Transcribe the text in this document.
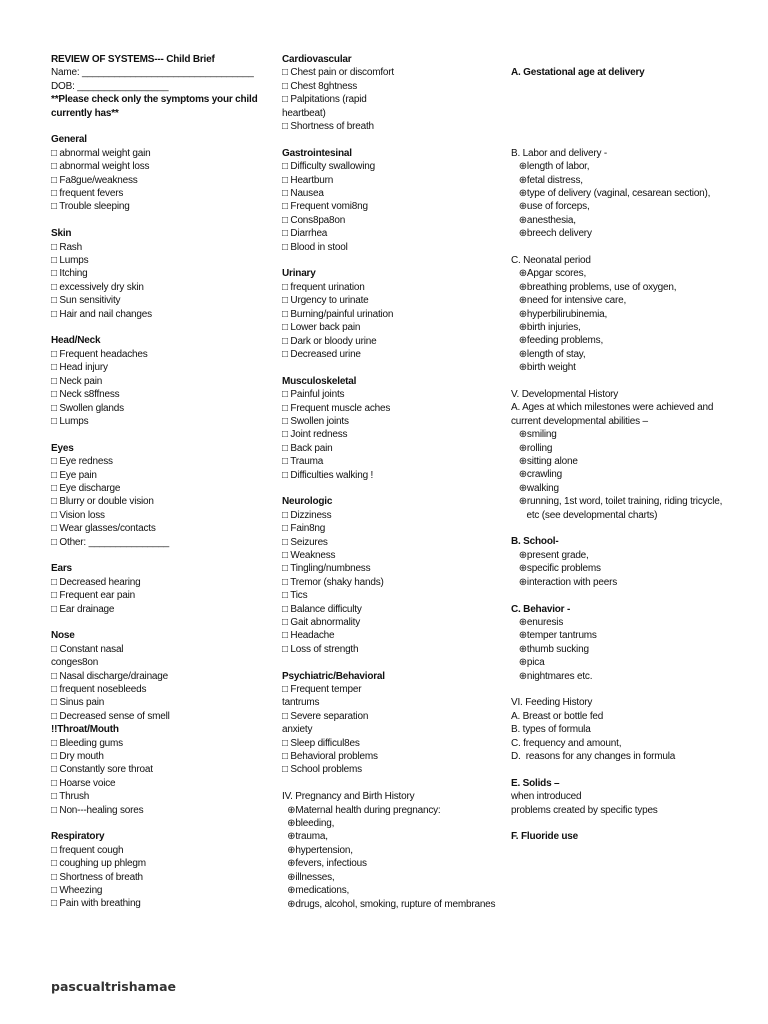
REVIEW OF SYSTEMS--- Child Brief
Name: ________________________________
DOB: _________________
**Please check only the symptoms your child
currently has**
General
□ abnormal weight gain
□ abnormal weight loss
□ Fa8gue/weakness
□ frequent fevers
□ Trouble sleeping
Skin
□ Rash
□ Lumps
□ Itching
□ excessively dry skin
□ Sun sensitivity
□ Hair and nail changes
Head/Neck
□ Frequent headaches
□ Head injury
□ Neck pain
□ Neck s8ffness
□ Swollen glands
□ Lumps
Eyes
□ Eye redness
□ Eye pain
□ Eye discharge
□ Blurry or double vision
□ Vision loss
□ Wear glasses/contacts
□ Other: _______________
Ears
□ Decreased hearing
□ Frequent ear pain
□ Ear drainage
Nose
□ Constant nasal
conges8on
□ Nasal discharge/drainage
□ frequent nosebleeds
□ Sinus pain
□ Decreased sense of smell
!!Throat/Mouth
□ Bleeding gums
□ Dry mouth
□ Constantly sore throat
□ Hoarse voice
□ Thrush
□ Non---healing sores
Respiratory
□ frequent cough
□ coughing up phlegm
□ Shortness of breath
□ Wheezing
□ Pain with breathing
Cardiovascular
□ Chest pain or discomfort
□ Chest 8ghtness
□ Palpitations (rapid
heartbeat)
□ Shortness of breath
Gastrointesinal
□ Difficulty swallowing
□ Heartburn
□ Nausea
□ Frequent vomi8ng
□ Cons8pa8on
□ Diarrhea
□ Blood in stool
Urinary
□ frequent urination
□ Urgency to urinate
□ Burning/painful urination
□ Lower back pain
□ Dark or bloody urine
□ Decreased urine
Musculoskeletal
□ Painful joints
□ Frequent muscle aches
□ Swollen joints
□ Joint redness
□ Back pain
□ Trauma
□ Difficulties walking !
Neurologic
□ Dizziness
□ Fain8ng
□ Seizures
□ Weakness
□ Tingling/numbness
□ Tremor (shaky hands)
□ Tics
□ Balance difficulty
□ Gait abnormality
□ Headache
□ Loss of strength
Psychiatric/Behavioral
□ Frequent temper
tantrums
□ Severe separation
anxiety
□ Sleep difficul8es
□ Behavioral problems
□ School problems
IV. Pregnancy and Birth History
⊕Maternal health during pregnancy:
⊕bleeding,
⊕trauma,
⊕hypertension,
⊕fevers, infectious
⊕illnesses,
⊕medications,
⊕drugs, alcohol, smoking, rupture of membranes
A. Gestational age at delivery
B. Labor and delivery -
⊕length of labor,
⊕fetal distress,
⊕type of delivery (vaginal, cesarean section),
⊕use of forceps,
⊕anesthesia,
⊕breech delivery
C. Neonatal period
⊕Apgar scores,
⊕breathing problems, use of oxygen,
⊕need for intensive care,
⊕hyperbilirubinemia,
⊕birth injuries,
⊕feeding problems,
⊕length of stay,
⊕birth weight
V. Developmental History
A. Ages at which milestones were achieved and
current developmental abilities –
⊕smiling
⊕rolling
⊕sitting alone
⊕crawling
⊕walking
⊕running, 1st word, toilet training, riding tricycle,
etc (see developmental charts)
B. School-
⊕present grade,
⊕specific problems
⊕interaction with peers
C. Behavior -
⊕enuresis
⊕temper tantrums
⊕thumb sucking
⊕pica
⊕nightmares etc.
VI. Feeding History
A. Breast or bottle fed
B. types of formula
C. frequency and amount,
D.  reasons for any changes in formula
E. Solids –
when introduced
problems created by specific types
F. Fluoride use
pascualtrishamae
